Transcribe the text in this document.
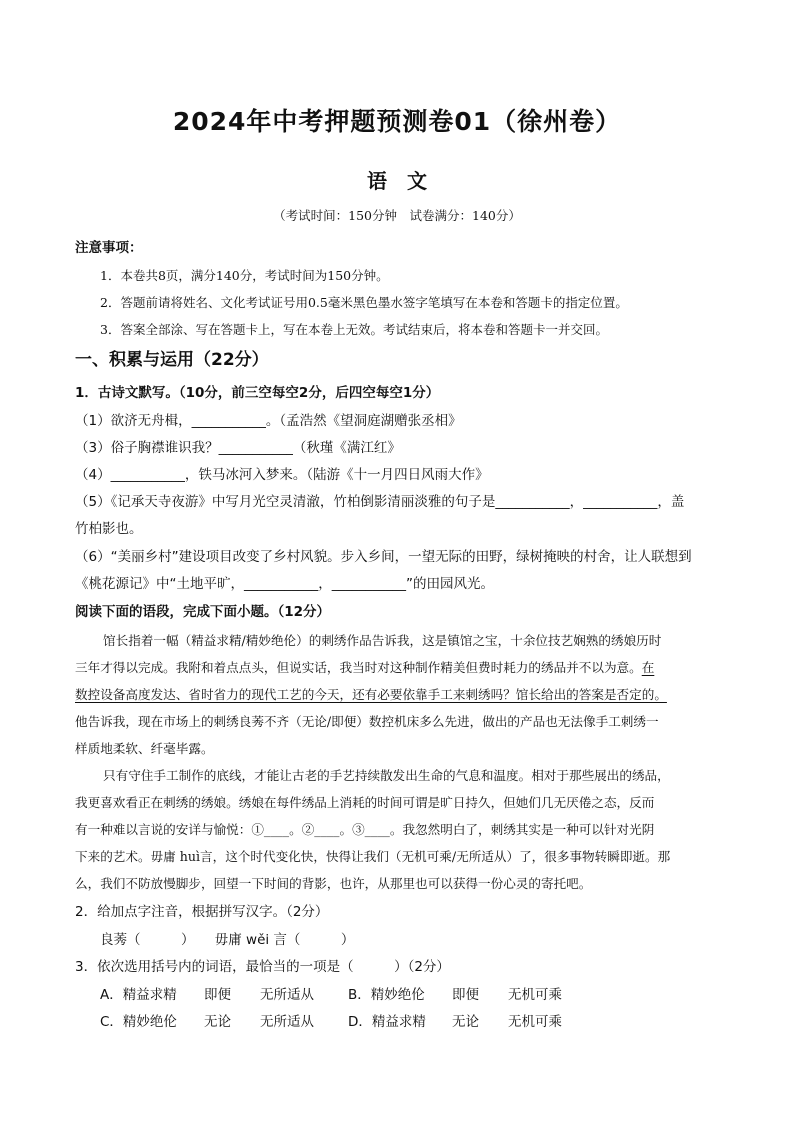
2024年中考押题预测卷01（徐州卷）
语　文
（考试时间：150分钟　试卷满分：140分）
注意事项：
1．本卷共8页，满分140分，考试时间为150分钟。
2．答题前请将姓名、文化考试证号用0.5毫米黑色墨水签字笔填写在本卷和答题卡的指定位置。
3．答案全部涂、写在答题卡上，写在本卷上无效。考试结束后，将本卷和答题卡一并交回。
一、积累与运用（22分）
1．古诗文默写。（10分，前三空每空2分，后四空每空1分）
（1）欲济无舟楫，___________。（孟浩然《望洞庭湖赠张丞相》
（3）俗子胸襟谁识我？___________（秋瑾《满江红》
（4）___________，铁马冰河入梦来。（陆游《十一月四日风雨大作》
（5）《记承天寺夜游》中写月光空灵清澈，竹柏倒影清丽淡雅的句子是___________，___________，盖
竹柏影也。
（6）“美丽乡村”建设项目改变了乡村风貌。步入乡间，一望无际的田野，绿树掩映的村舍，让人联想到
《桃花源记》中“土地平旷，___________，___________”的田园风光。
阅读下面的语段，完成下面小题。（12分）
馆长指着一幅（精益求精/精妙绝伦）的刺绣作品告诉我，这是镇馆之宝，十余位技艺娴熟的绣娘历时
三年才得以完成。我附和着点点头，但说实话，我当时对这种制作精美但费时耗力的绣品并不以为意。在
数控设备高度发达、省时省力的现代工艺的今天，还有必要依靠手工来刺绣吗？馆长给出的答案是否定的。
他告诉我，现在市场上的刺绣良莠不齐（无论/即便）数控机床多么先进，做出的产品也无法像手工刺绣一
样质地柔软、纤毫毕露。
只有守住手工制作的底线，才能让古老的手艺持续散发出生命的气息和温度。相对于那些展出的绣品，
我更喜欢看正在刺绣的绣娘。绣娘在每件绣品上消耗的时间可谓是旷日持久，但她们几无厌倦之态，反而
有一种难以言说的安详与愉悦：①____。②____。③____。我忽然明白了，刺绣其实是一种可以针对光阴
下来的艺术。毋庸 huì言，这个时代变化快，快得让我们（无机可乘/无所适从）了，很多事物转瞬即逝。那
么，我们不防放慢脚步，回望一下时间的背影，也许，从那里也可以获得一份心灵的寄托吧。
2．给加点字注音，根据拼写汉字。（2分）
良莠（　　　）　　毋庸 wěi 言（　　　）
3．依次选用括号内的词语，最恰当的一项是（　　　）（2分）
A．精益求精 即便 无所适从	B．精妙绝伦 即便 无机可乘
C．精妙绝伦 无论 无所适从	D．精益求精 无论 无机可乘
